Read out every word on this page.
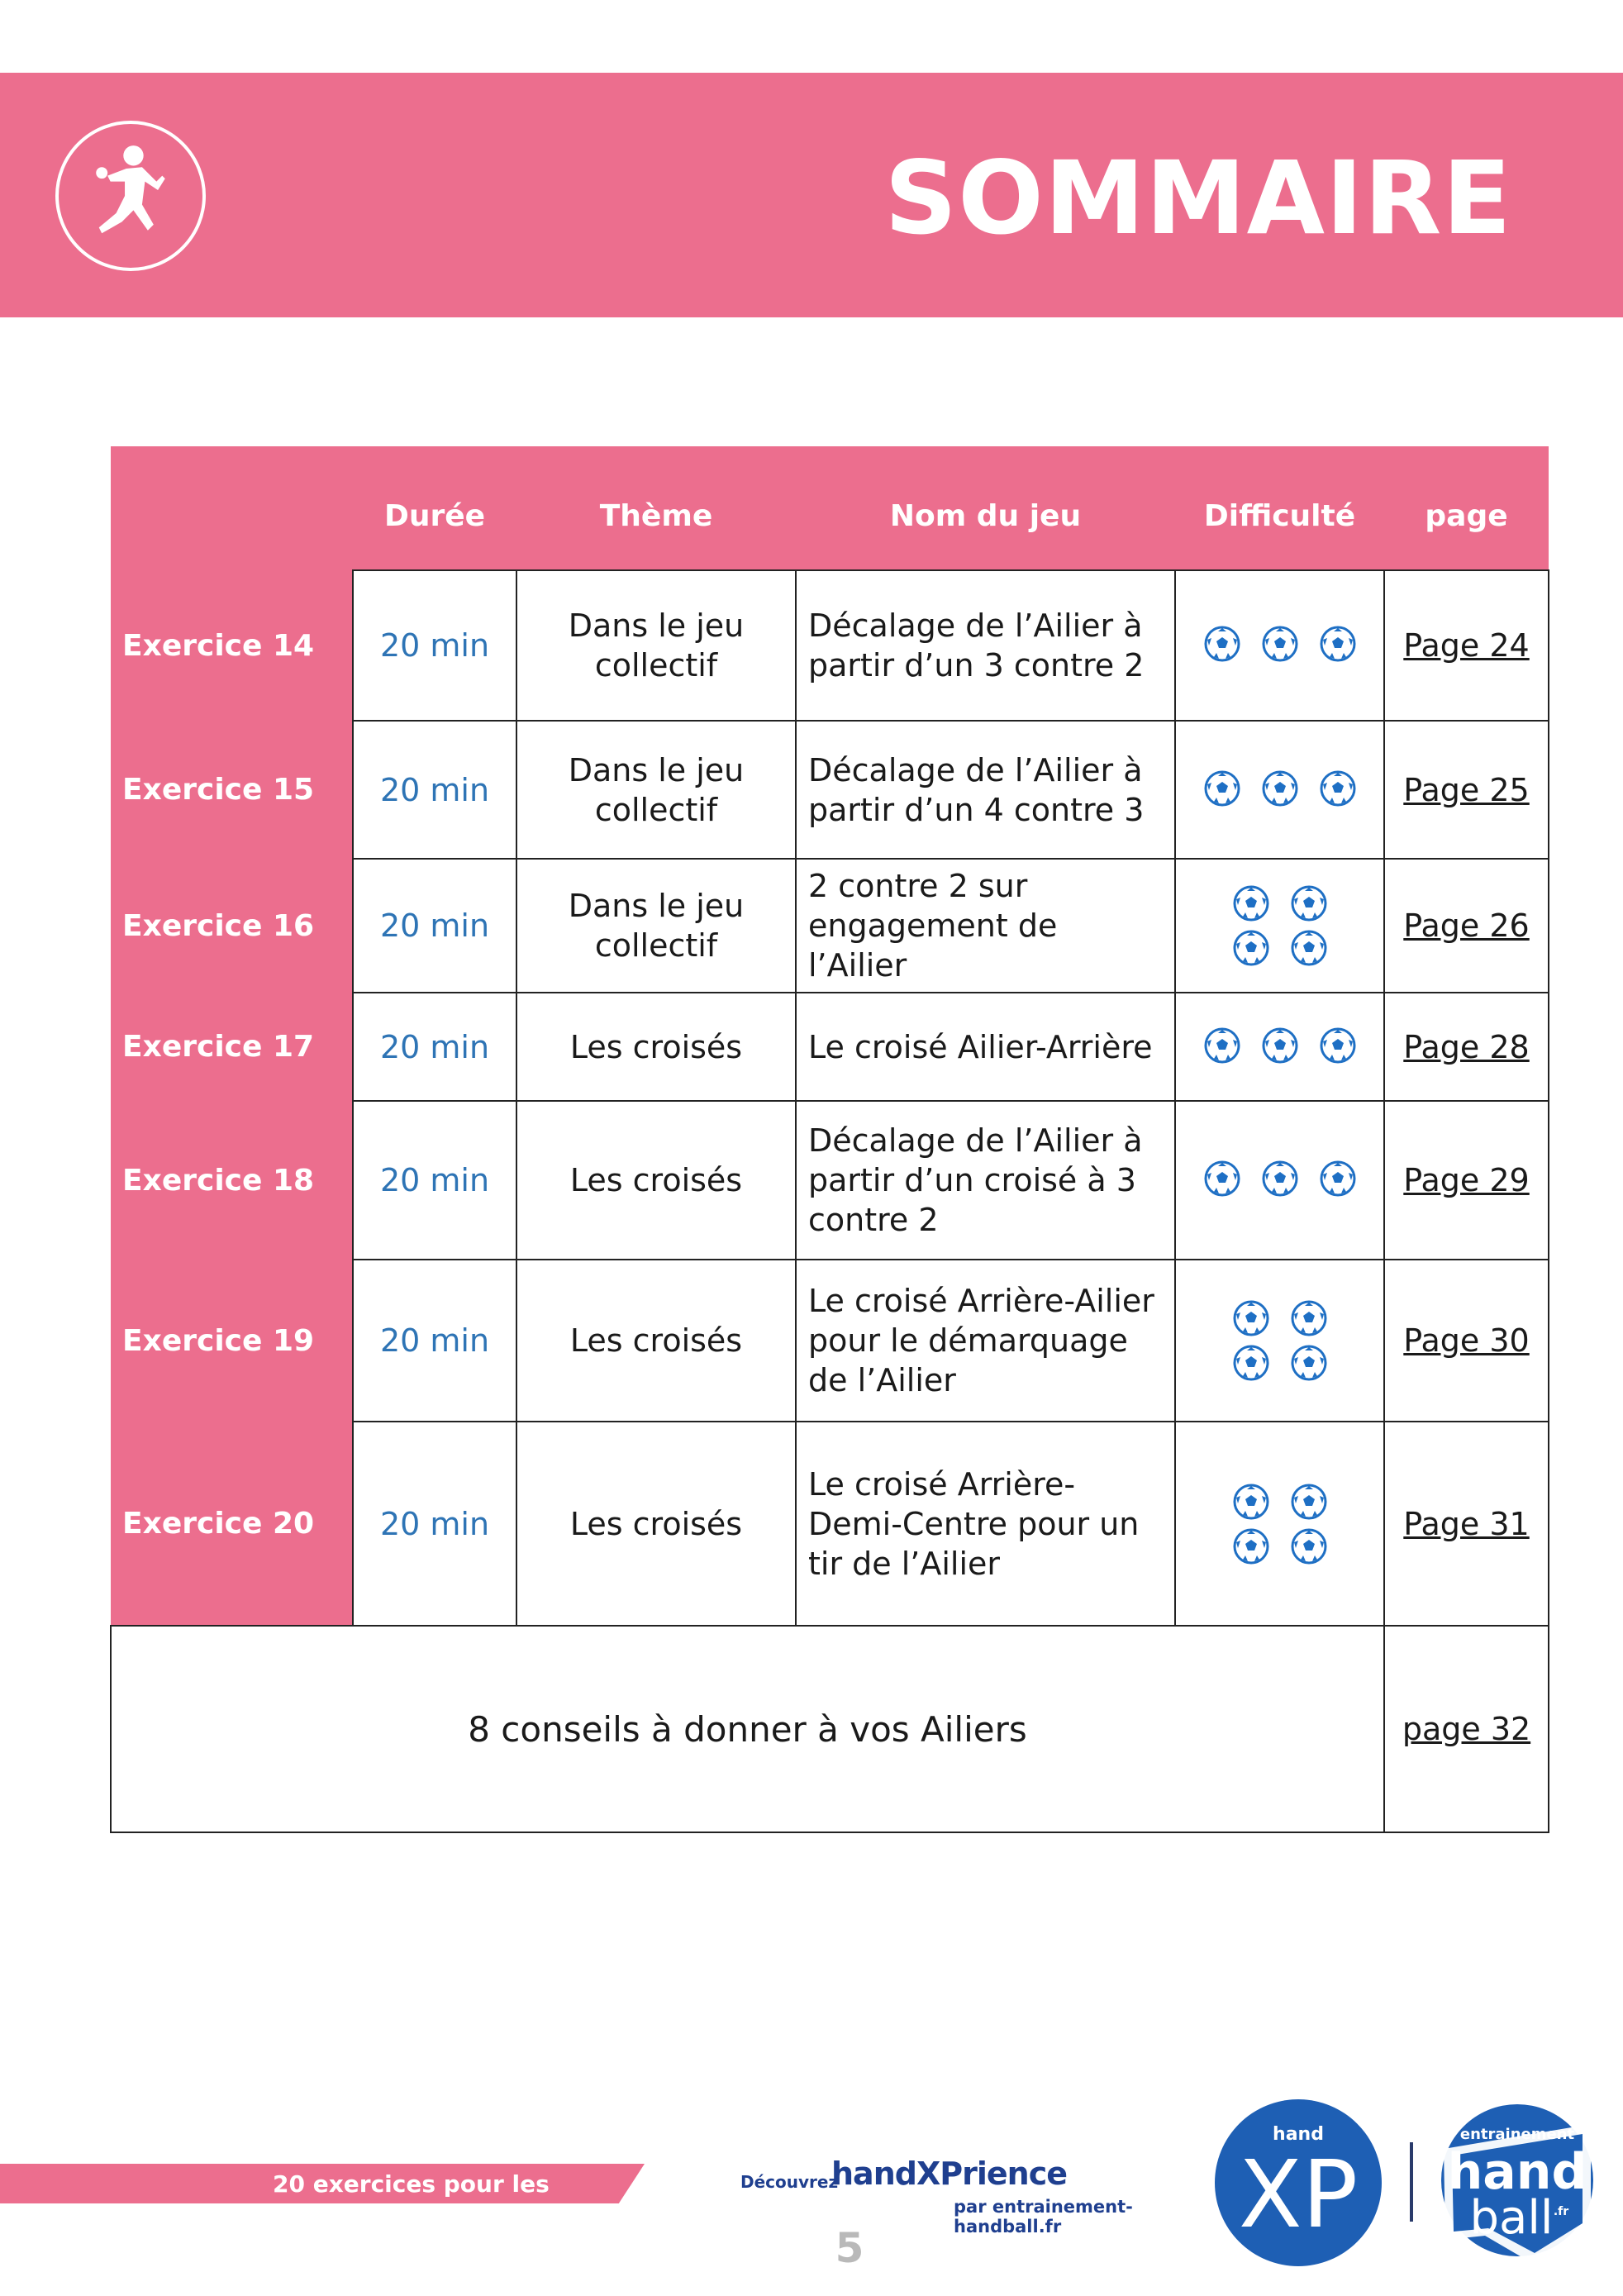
SOMMAIRE
	Durée	Thème	Nom du jeu	Difficulté	page
Exercice 14	20 min	Dans le jeu collectif	Décalage de l’Ailier à partir d’un 3 contre 2		Page 24
Exercice 15	20 min	Dans le jeu collectif	Décalage de l’Ailier à partir d’un 4 contre 3		Page 25
Exercice 16	20 min	Dans le jeu collectif	2 contre 2 sur engagement de l’Ailier		Page 26
Exercice 17	20 min	Les croisés	Le croisé Ailier-Arrière		Page 28
Exercice 18	20 min	Les croisés	Décalage de l’Ailier à partir d’un croisé à 3 contre 2		Page 29
Exercice 19	20 min	Les croisés	Le croisé Arrière-Ailier pour le démarquage de l’Ailier		Page 30
Exercice 20	20 min	Les croisés	Le croisé Arrière-Demi-Centre pour un tir de l’Ailier		Page 31
8 conseils à donner à vos Ailiers					page 32
20 exercices pour les Ailiers
Découvrez
handXPrience
par entrainement-handball.fr
hand
XP
entrainement
hand
ball .fr
5
